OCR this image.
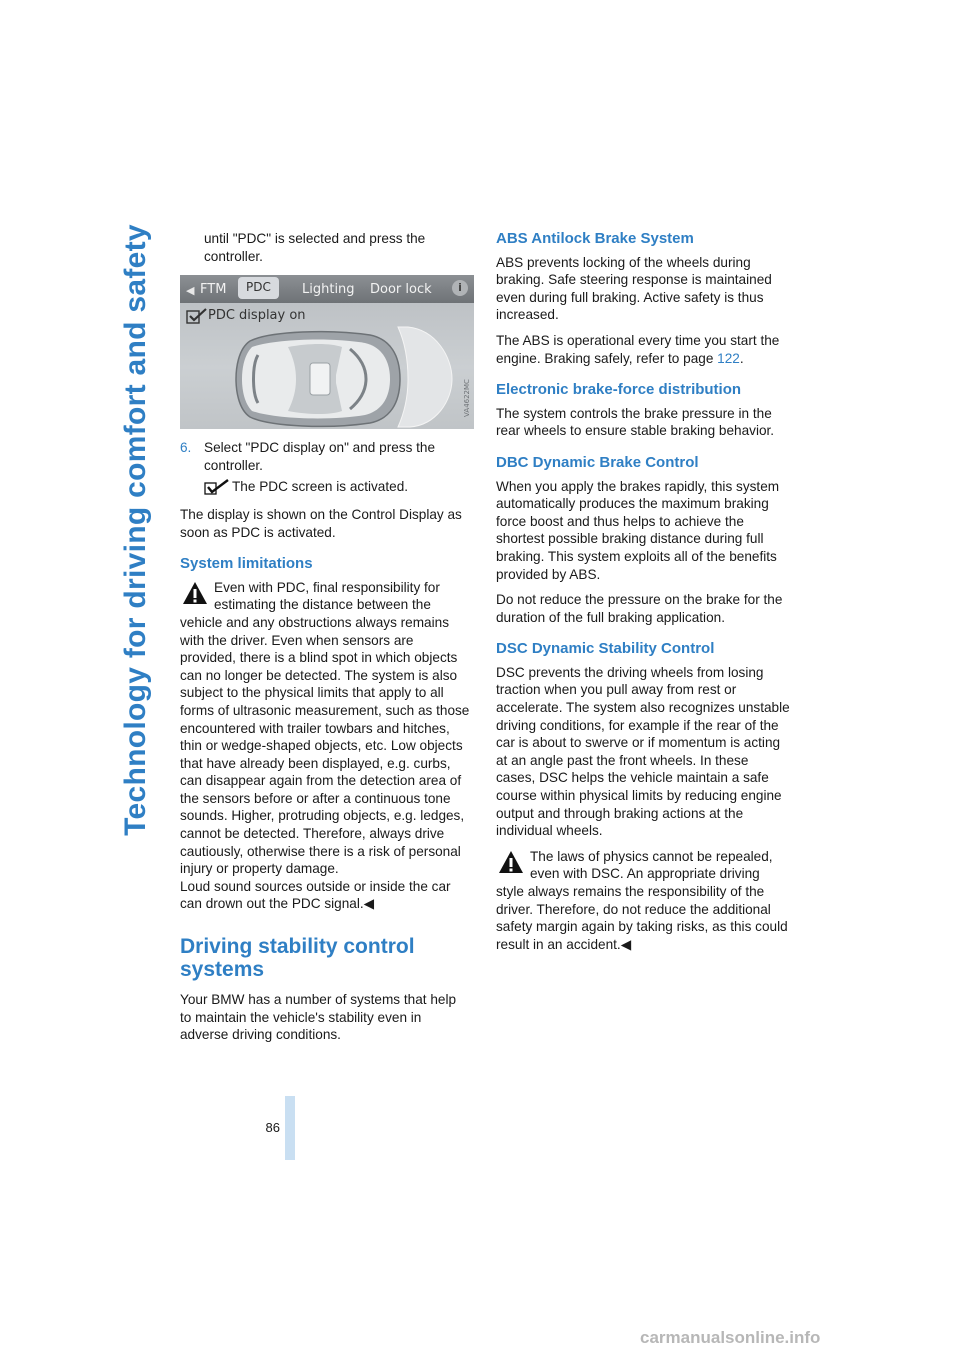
Technology for driving comfort and safety
86

until "PDC" is selected and press the controller.

◀ FTM	PDC	Lighting Door lock	i
PDC display on
VA4622MC
6. Select "PDC display on" and press the controller.
The PDC screen is activated.

The display is shown on the Control Display as soon as PDC is activated.

System limitations
Even with PDC, final responsibility for estimating the distance between the vehicle and any obstructions always remains with the driver. Even when sensors are provided, there is a blind spot in which objects can no longer be detected. The system is also subject to the physical limits that apply to all forms of ultrasonic measurement, such as those encountered with trailer towbars and hitches, thin or wedge-shaped objects, etc. Low objects that have already been displayed, e.g. curbs, can disappear again from the detection area of the sensors before or after a continuous tone sounds. Higher, protruding objects, e.g. ledges, cannot be detected. Therefore, always drive cautiously, otherwise there is a risk of personal injury or property damage.
Loud sound sources outside or inside the car can drown out the PDC signal.◀
Driving stability control systems

Your BMW has a number of systems that help to maintain the vehicle's stability even in adverse driving conditions.

ABS Antilock Brake System

ABS prevents locking of the wheels during braking. Safe steering response is maintained even during full braking. Active safety is thus increased.

The ABS is operational every time you start the engine. Braking safely, refer to page 122.

Electronic brake-force distribution

The system controls the brake pressure in the rear wheels to ensure stable braking behavior.

DBC Dynamic Brake Control

When you apply the brakes rapidly, this system automatically produces the maximum braking force boost and thus helps to achieve the shortest possible braking distance during full braking. This system exploits all of the benefits provided by ABS.

Do not reduce the pressure on the brake for the duration of the full braking application.

DSC Dynamic Stability Control

DSC prevents the driving wheels from losing traction when you pull away from rest or accelerate. The system also recognizes unstable driving conditions, for example if the rear of the car is about to swerve or if momentum is acting at an angle past the front wheels. In these cases, DSC helps the vehicle maintain a safe course within physical limits by reducing engine output and through braking actions at the individual wheels.

The laws of physics cannot be repealed, even with DSC. An appropriate driving style always remains the responsibility of the driver. Therefore, do not reduce the additional safety margin again by taking risks, as this could result in an accident.◀
carmanualsonline.info
